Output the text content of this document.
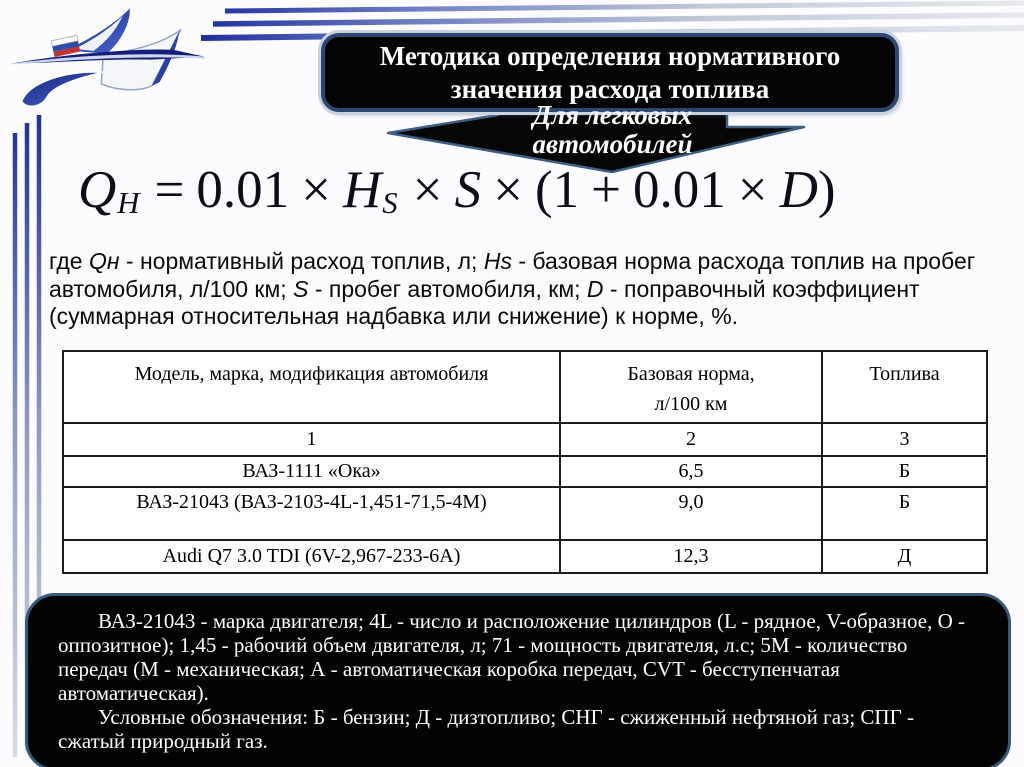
Методика определения нормативного
значения расхода топлива
Для легковых
автомобилей
QН = 0.01 × HS × S × (1 + 0.01 × D)
где Qн - нормативный расход топлив, л; Hs - базовая норма расхода топлив на пробег автомобиля, л/100 км; S - пробег автомобиля, км; D - поправочный коэффициент (суммарная относительная надбавка или снижение) к норме, %.
Модель, марка, модификация автомобиля	Базовая норма, л/100 км	Топлива
1	2	3
ВАЗ-1111 «Ока»	6,5	Б
ВАЗ-21043 (ВАЗ-2103-4L-1,451-71,5-4M)	9,0	Б
Audi Q7 3.0 TDI (6V-2,967-233-6A)	12,3	Д

ВАЗ-21043 - марка двигателя; 4L - число и расположение цилиндров (L - рядное, V-образное, О - оппозитное); 1,45 - рабочий объем двигателя, л; 71 - мощность двигателя, л.с; 5М - количество передач (М - механическая; А - автоматическая коробка передач, CVT - бесступенчатая автоматическая).

Условные обозначения: Б - бензин; Д - дизтопливо; СНГ - сжиженный нефтяной газ; СПГ - сжатый природный газ.
